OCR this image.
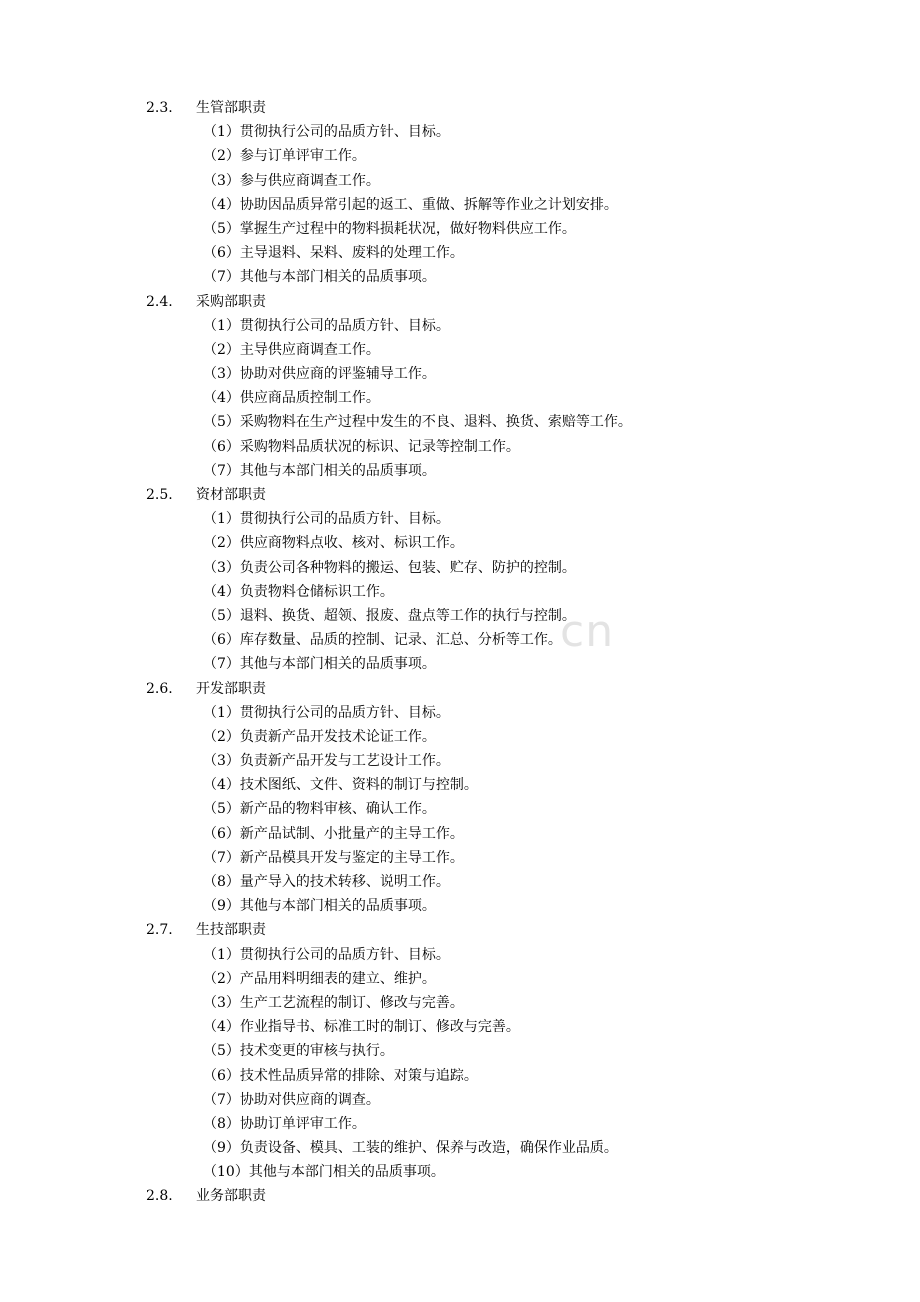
2.3.	生管部职责
（1）贯彻执行公司的品质方针、目标。
（2）参与订单评审工作。
（3）参与供应商调查工作。
（4）协助因品质异常引起的返工、重做、拆解等作业之计划安排。
（5）掌握生产过程中的物料损耗状况，做好物料供应工作。
（6）主导退料、呆料、废料的处理工作。
（7）其他与本部门相关的品质事项。
2.4.	采购部职责
（1）贯彻执行公司的品质方针、目标。
（2）主导供应商调查工作。
（3）协助对供应商的评鉴辅导工作。
（4）供应商品质控制工作。
（5）采购物料在生产过程中发生的不良、退料、换货、索赔等工作。
（6）采购物料品质状况的标识、记录等控制工作。
（7）其他与本部门相关的品质事项。
2.5.	资材部职责
（1）贯彻执行公司的品质方针、目标。
（2）供应商物料点收、核对、标识工作。
（3）负责公司各种物料的搬运、包装、贮存、防护的控制。
（4）负责物料仓储标识工作。
（5）退料、换货、超领、报废、盘点等工作的执行与控制。
（6）库存数量、品质的控制、记录、汇总、分析等工作。
（7）其他与本部门相关的品质事项。
2.6.	开发部职责
（1）贯彻执行公司的品质方针、目标。
（2）负责新产品开发技术论证工作。
（3）负责新产品开发与工艺设计工作。
（4）技术图纸、文件、资料的制订与控制。
（5）新产品的物料审核、确认工作。
（6）新产品试制、小批量产的主导工作。
（7）新产品模具开发与鉴定的主导工作。
（8）量产导入的技术转移、说明工作。
（9）其他与本部门相关的品质事项。
2.7.	生技部职责
（1）贯彻执行公司的品质方针、目标。
（2）产品用料明细表的建立、维护。
（3）生产工艺流程的制订、修改与完善。
（4）作业指导书、标准工时的制订、修改与完善。
（5）技术变更的审核与执行。
（6）技术性品质异常的排除、对策与追踪。
（7）协助对供应商的调查。
（8）协助订单评审工作。
（9）负责设备、模具、工装的维护、保养与改造，确保作业品质。
（10）其他与本部门相关的品质事项。
2.8.	业务部职责
cn
